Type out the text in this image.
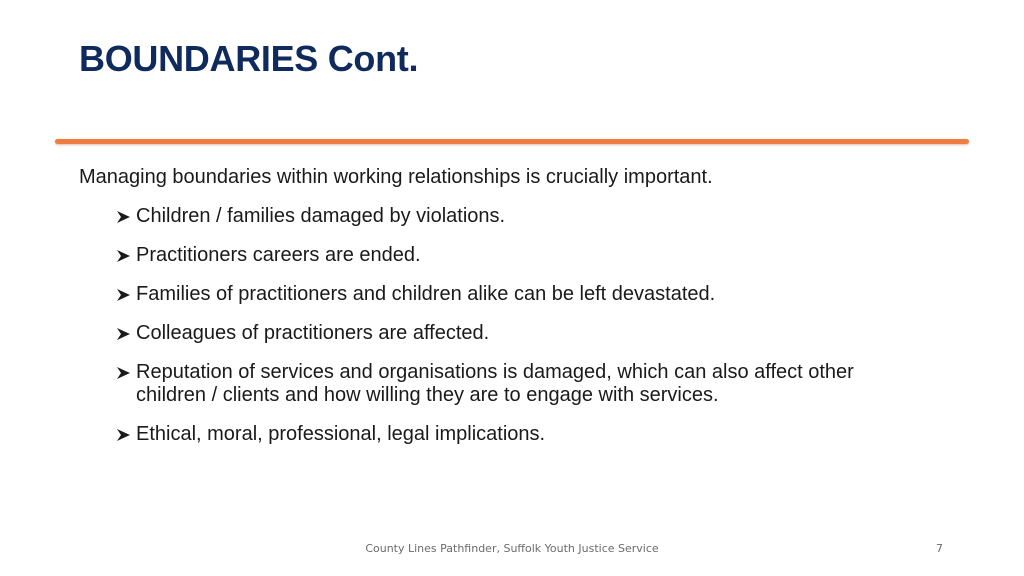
BOUNDARIES Cont.

Managing boundaries within working relationships is crucially important.

Children / families damaged by violations.
Practitioners careers are ended.
Families of practitioners and children alike can be left devastated.
Colleagues of practitioners are affected.
Reputation of services and organisations is damaged, which can also affect other children / clients and how willing they are to engage with services.
Ethical, moral, professional, legal implications.
County Lines Pathfinder, Suffolk Youth Justice Service	7
